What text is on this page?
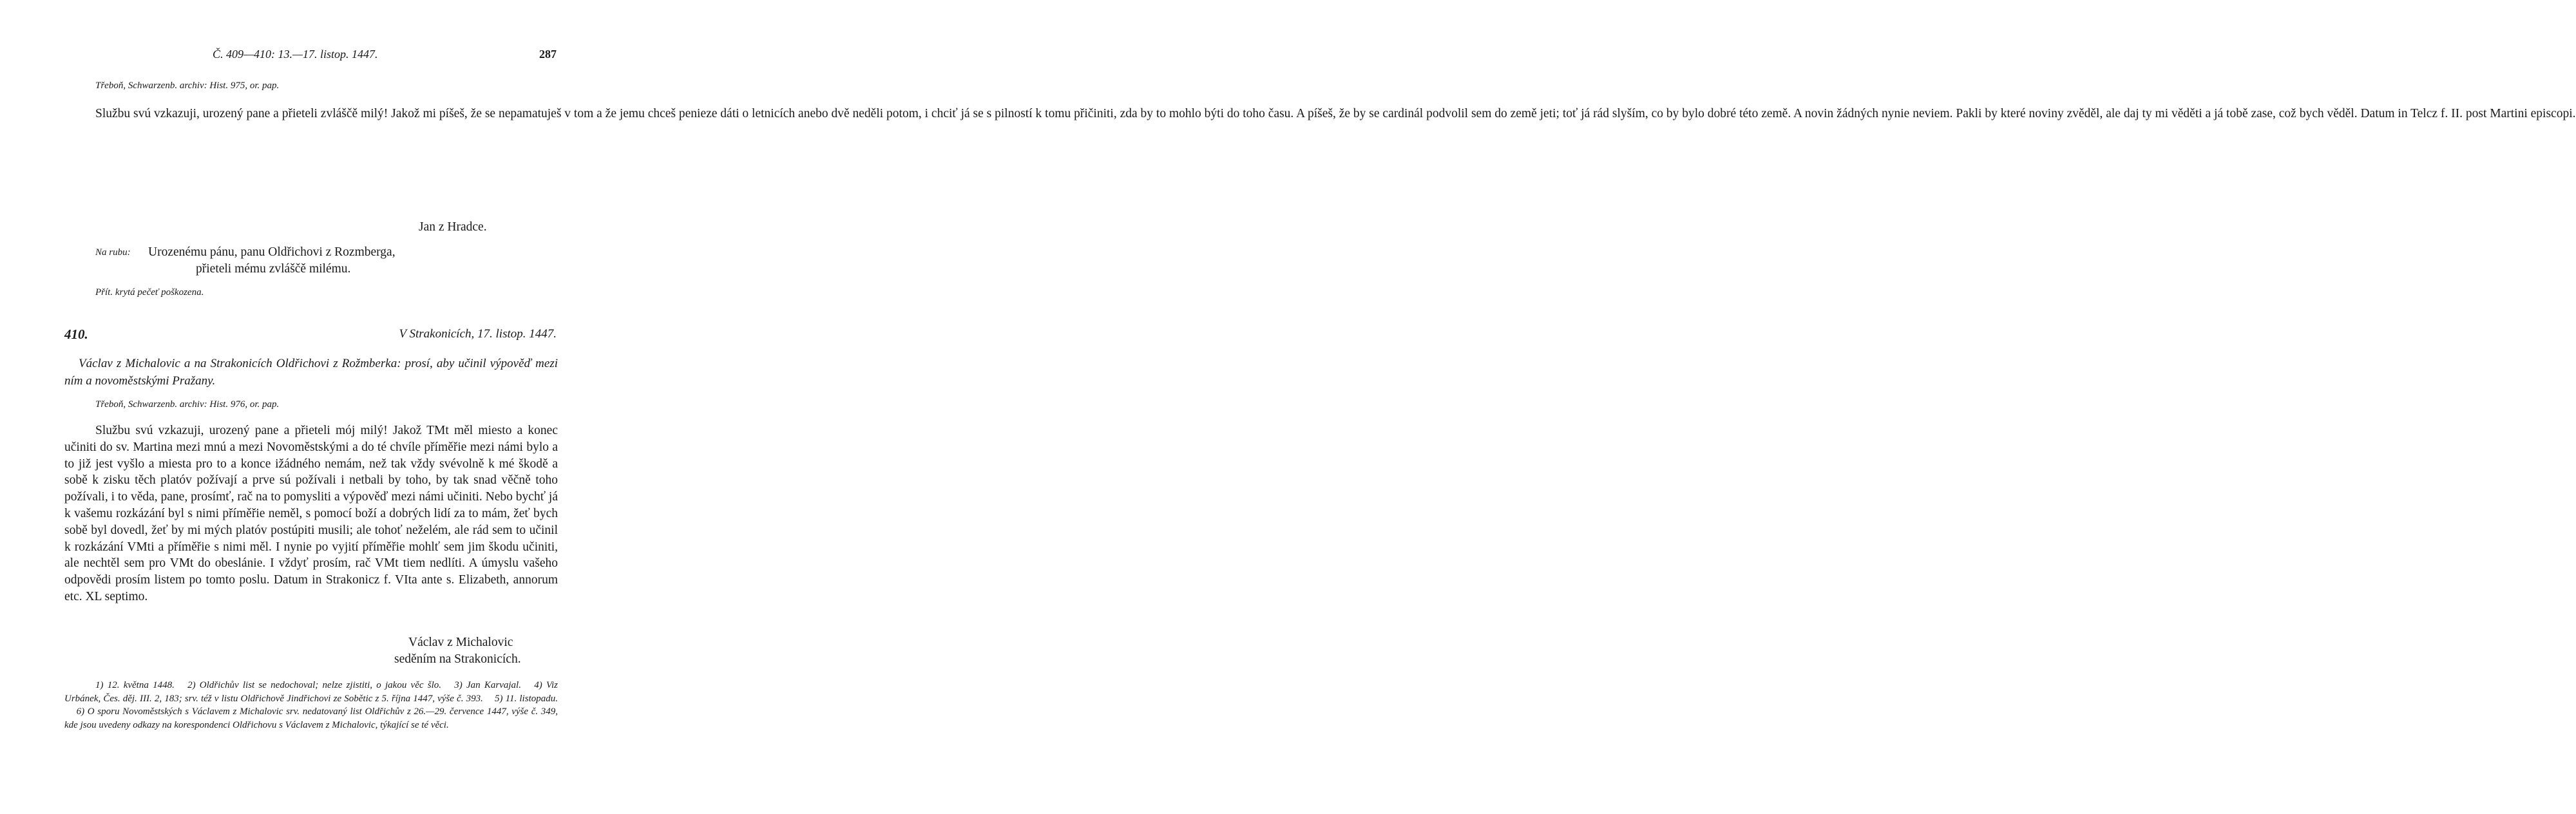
Č. 409—410: 13.—17. listop. 1447.	287
Třeboň, Schwarzenb. archiv: Hist. 975, or. pap.

Službu svú vzkazuji, urozený pane a přieteli zvláščě milý! Jakož mi píšeš, že se nepamatuješ v tom a že jemu chceš penieze dáti o letnicích anebo dvě neděli potom, i chciť já se s pilností k tomu přičiniti, zda by to mohlo býti do toho času. A píšeš, že by se cardinál podvolil sem do země jeti; toť já rád slyším, co by bylo dobré této země. A novin žádných nynie neviem. Pakli by které noviny zvěděl, ale daj ty mi věděti a já tobě zase, což bych věděl. Datum in Telcz f. II. post Martini episcopi.

Jan z Hradce.
Na rubu: Urozenému pánu, panu Oldřichovi z Rozmberga,
přieteli mému zvláščě milému.
Přít. krytá pečeť poškozena.
410.	V Strakonicích, 17. listop. 1447.
Václav z Michalovic a na Strakonicích Oldřichovi z Rožmberka: prosí, aby učinil výpověď mezi ním a novoměstskými Pražany.
Třeboň, Schwarzenb. archiv: Hist. 976, or. pap.

Službu svú vzkazuji, urozený pane a přieteli mój milý! Jakož TMt měl miesto a konec učiniti do sv. Martina mezi mnú a mezi Novoměstskými a do té chvíle příměřie mezi námi bylo a to již jest vyšlo a miesta pro to a konce ižádného nemám, než tak vždy svévolně k mé škodě a sobě k zisku těch platóv požívají a prve sú požívali i netbali by toho, by tak snad věčně toho požívali, i to věda, pane, prosímť, rač na to pomysliti a výpověď mezi námi učiniti. Nebo bychť já k vašemu rozkázání byl s nimi příměřie neměl, s pomocí boží a dobrých lidí za to mám, žeť bych sobě byl dovedl, žeť by mi mých platóv postúpiti musili; ale tohoť neželém, ale rád sem to učinil k rozkázání VMti a příměřie s nimi měl. I nynie po vyjití příměřie mohlť sem jim škodu učiniti, ale nechtěl sem pro VMt do obeslánie. I vždyť prosím, rač VMt tiem nedlíti. A úmyslu vašeho odpovědi prosím listem po tomto poslu. Datum in Strakonicz f. VIta ante s. Elizabeth, annorum etc. XL septimo.

Václav z Michalovic
seděním na Strakonicích.
1) 12. května 1448. 2) Oldřichův list se nedochoval; nelze zjistiti, o jakou věc šlo. 3) Jan Karvajal. 4) Viz Urbánek, Čes. děj. III. 2, 183; srv. též v listu Oldřichově Jindřichovi ze Sobětic z 5. října 1447, výše č. 393. 5) 11. listopadu. 6) O sporu Novoměstských s Václavem z Michalovic srv. nedatovaný list Oldřichův z 26.—29. července 1447, výše č. 349, kde jsou uvedeny odkazy na korespondenci Oldřichovu s Václavem z Michalovic, týkající se té věci.
